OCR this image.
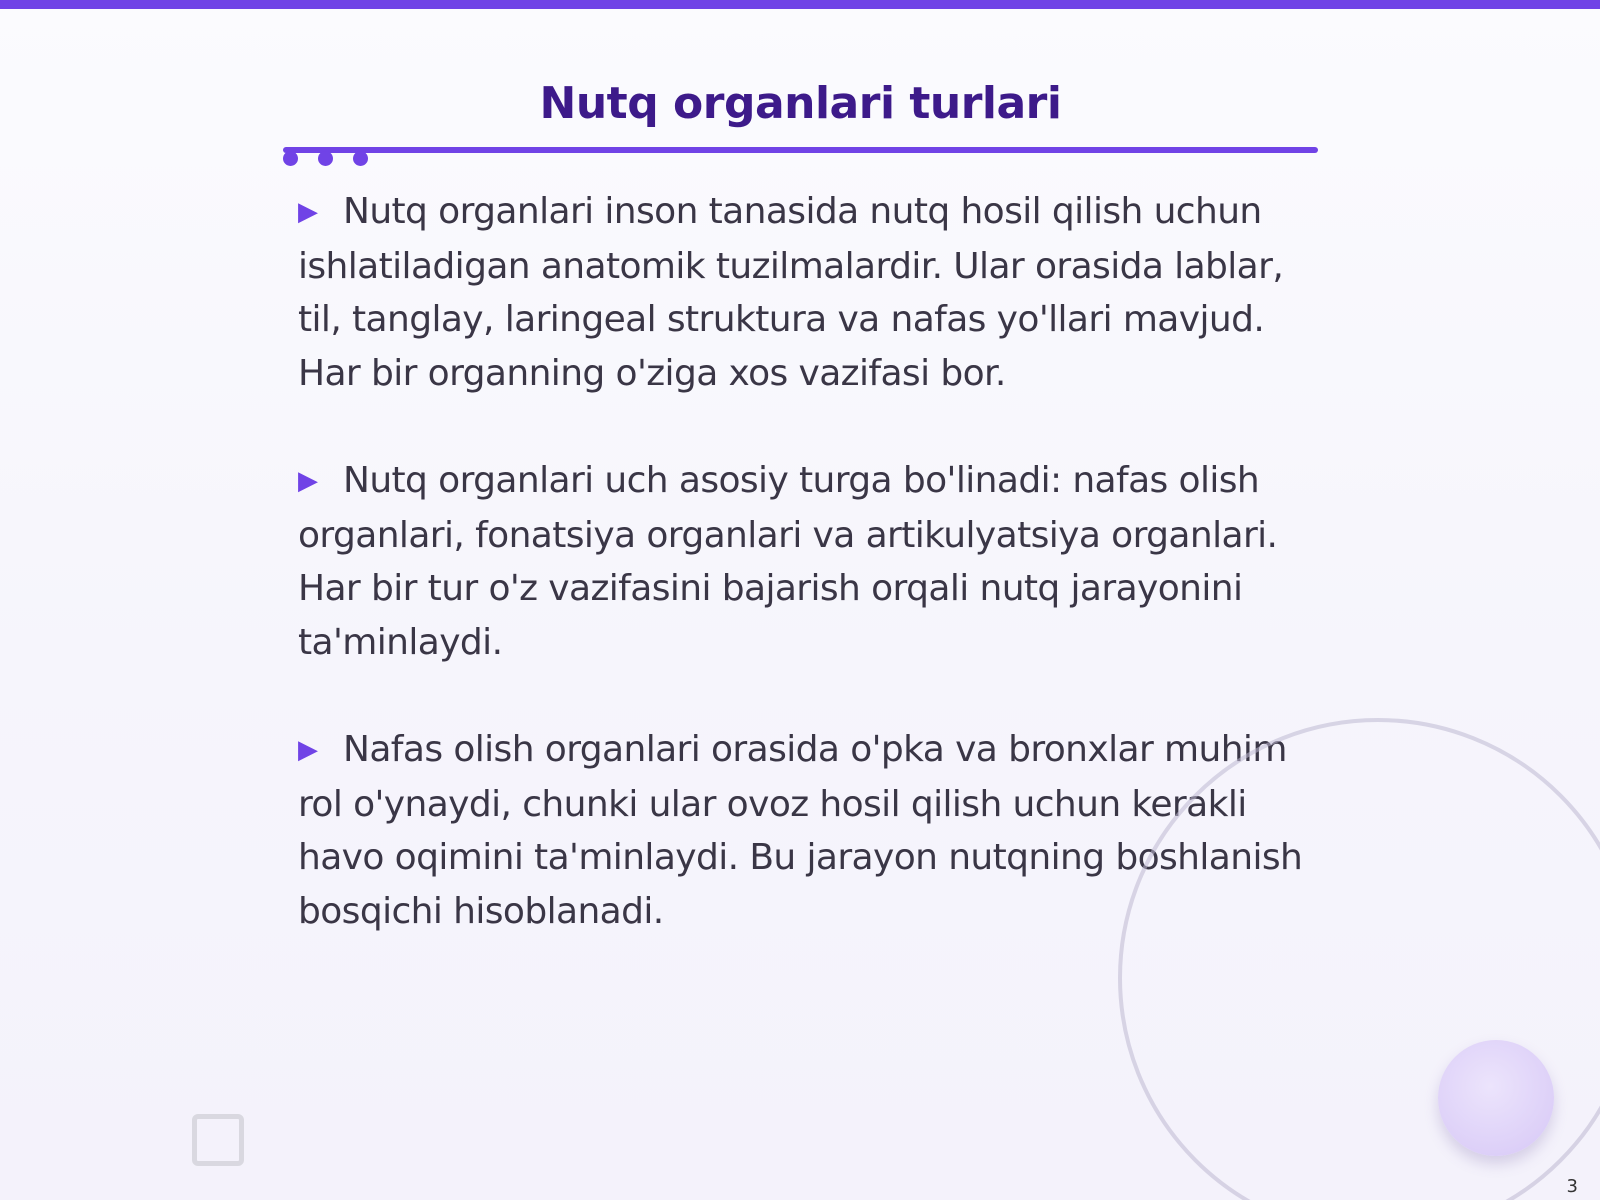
Nutq organlari turlari

▶ Nutq organlari inson tanasida nutq hosil qilish uchun ishlatiladigan anatomik tuzilmalardir. Ular orasida lablar, til, tanglay, laringeal struktura va nafas yo'llari mavjud. Har bir organning o'ziga xos vazifasi bor.

▶ Nutq organlari uch asosiy turga bo'linadi: nafas olish organlari, fonatsiya organlari va artikulyatsiya organlari. Har bir tur o'z vazifasini bajarish orqali nutq jarayonini ta'minlaydi.

▶ Nafas olish organlari orasida o'pka va bronxlar muhim rol o'ynaydi, chunki ular ovoz hosil qilish uchun kerakli havo oqimini ta'minlaydi. Bu jarayon nutqning boshlanish bosqichi hisoblanadi.

3
